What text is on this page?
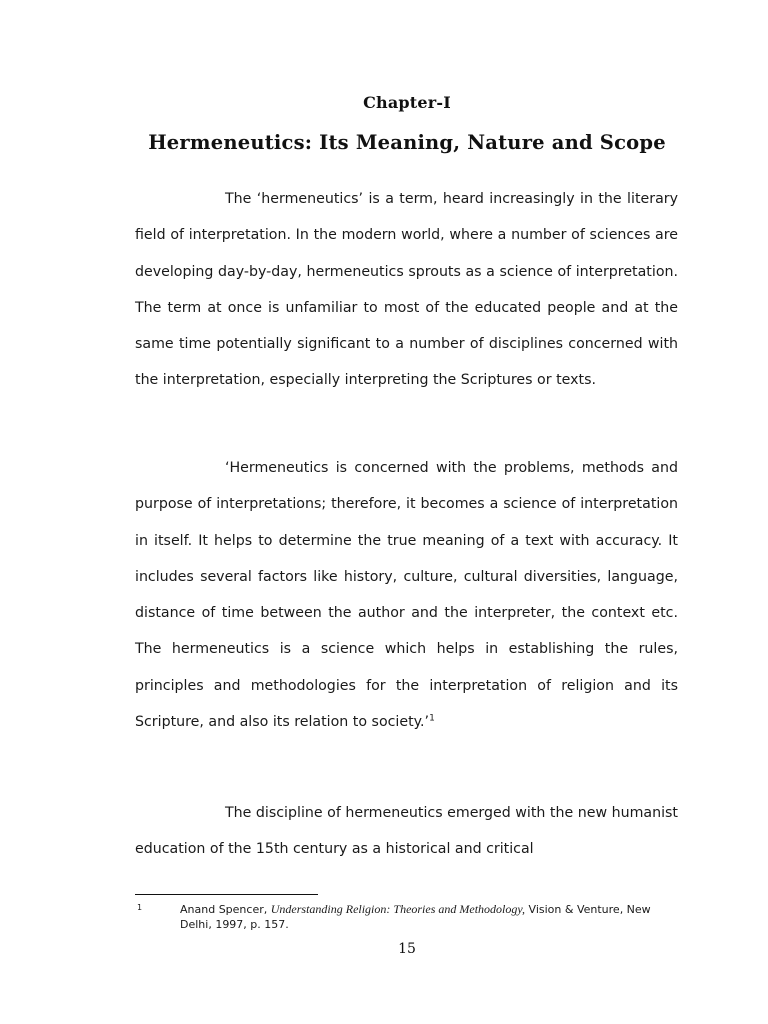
Chapter-I
Hermeneutics: Its Meaning, Nature and Scope
The ‘hermeneutics’ is a term, heard increasingly in the literary field of interpretation. In the modern world, where a number of sciences are developing day-by-day, hermeneutics sprouts as a science of interpretation. The term at once is unfamiliar to most of the educated people and at the same time potentially significant to a number of disciplines concerned with the interpretation, especially interpreting the Scriptures or texts.
‘Hermeneutics is concerned with the problems, methods and purpose of interpretations; therefore, it becomes a science of interpretation in itself. It helps to determine the true meaning of a text with accuracy. It includes several factors like history, culture, cultural diversities, language, distance of time between the author and the interpreter, the context etc. The hermeneutics is a science which helps in establishing the rules, principles and methodologies for the interpretation of religion and its Scripture, and also its relation to society.’$^1$
The discipline of hermeneutics emerged with the new humanist education of the 15th century as a historical and critical
1	Anand Spencer, Understanding Religion: Theories and Methodology, Vision & Venture, New Delhi, 1997, p. 157.
15
